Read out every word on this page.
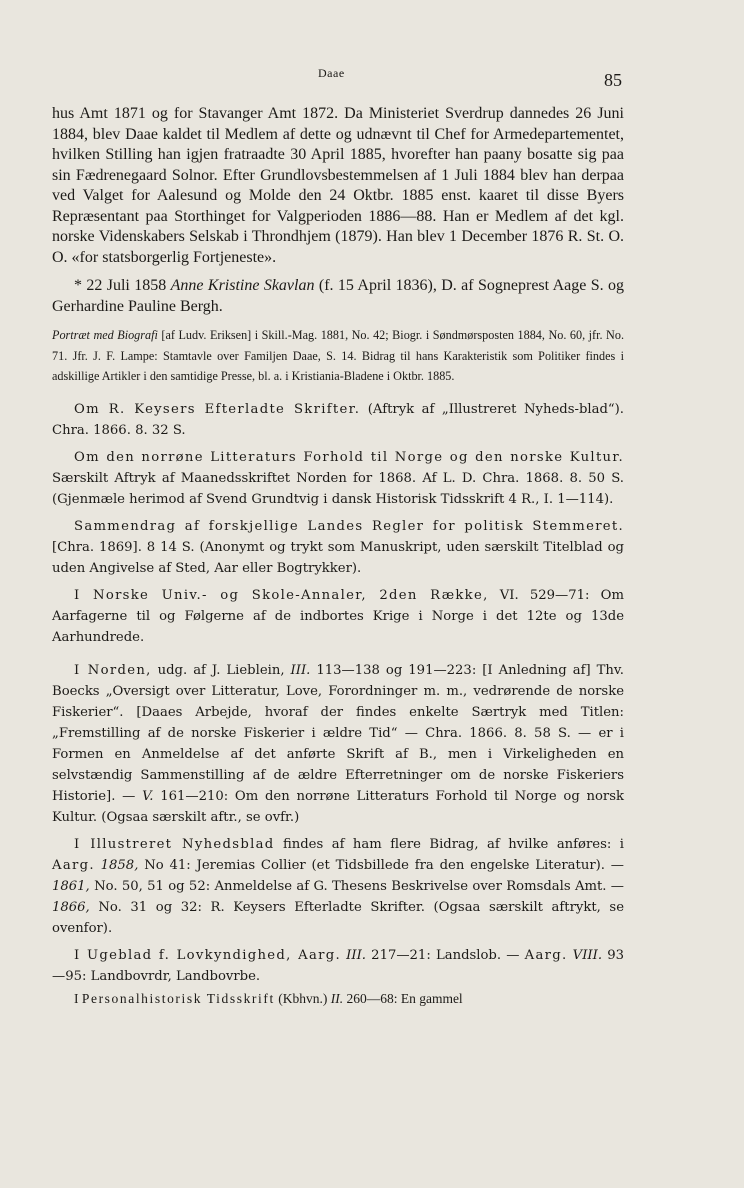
Daae	85

hus Amt 1871 og for Stavanger Amt 1872. Da Ministeriet Sverdrup dannedes 26 Juni 1884, blev Daae kaldet til Medlem af dette og udnævnt til Chef for Armedepartementet, hvilken Stilling han igjen fratraadte 30 April 1885, hvorefter han paany bosatte sig paa sin Fædrenegaard Solnor. Efter Grundlovsbestemmelsen af 1 Juli 1884 blev han derpaa ved Valget for Aalesund og Molde den 24 Oktbr. 1885 enst. kaaret til disse Byers Repræsentant paa Storthinget for Valgperioden 1886—88. Han er Medlem af det kgl. norske Videnskabers Selskab i Throndhjem (1879). Han blev 1 December 1876 R. St. O. O. «for statsborgerlig Fortjeneste».

* 22 Juli 1858 Anne Kristine Skavlan (f. 15 April 1836), D. af Sogneprest Aage S. og Gerhardine Pauline Bergh.

Portræt med Biografi [af Ludv. Eriksen] i Skill.-Mag. 1881, No. 42; Biogr. i Søndmørsposten 1884, No. 60, jfr. No. 71. Jfr. J. F. Lampe: Stamtavle over Familjen Daae, S. 14. Bidrag til hans Karakteristik som Politiker findes i adskillige Artikler i den samtidige Presse, bl. a. i Kristiania-Bladene i Oktbr. 1885.

Om R. Keysers Efterladte Skrifter. (Aftryk af „Illustreret Nyheds-blad“). Chra. 1866. 8. 32 S.

Om den norrøne Litteraturs Forhold til Norge og den norske Kultur. Særskilt Aftryk af Maanedsskriftet Norden for 1868. Af L. D. Chra. 1868. 8. 50 S. (Gjenmæle herimod af Svend Grundtvig i dansk Historisk Tidsskrift 4 R., I. 1—114).

Sammendrag af forskjellige Landes Regler for politisk Stemmeret. [Chra. 1869]. 8 14 S. (Anonymt og trykt som Manuskript, uden særskilt Titelblad og uden Angivelse af Sted, Aar eller Bogtrykker).

I Norske Univ.- og Skole-Annaler, 2den Række, VI. 529—71: Om Aarfagerne til og Følgerne af de indbortes Krige i Norge i det 12te og 13de Aarhundrede.

I Norden, udg. af J. Lieblein, III. 113—138 og 191—223: [I Anledning af] Thv. Boecks „Oversigt over Litteratur, Love, Forordninger m. m., vedrørende de norske Fiskerier“. [Daaes Arbejde, hvoraf der findes enkelte Særtryk med Titlen: „Fremstilling af de norske Fiskerier i ældre Tid“ — Chra. 1866. 8. 58 S. — er i Formen en Anmeldelse af det anførte Skrift af B., men i Virkeligheden en selvstændig Sammenstilling af de ældre Efterretninger om de norske Fiskeriers Historie]. — V. 161—210: Om den norrøne Litteraturs Forhold til Norge og norsk Kultur. (Ogsaa særskilt aftr., se ovfr.)

I Illustreret Nyhedsblad findes af ham flere Bidrag, af hvilke anføres: i Aarg. 1858, No 41: Jeremias Collier (et Tidsbillede fra den engelske Literatur). — 1861, No. 50, 51 og 52: Anmeldelse af G. Thesens Beskrivelse over Romsdals Amt. — 1866, No. 31 og 32: R. Keysers Efterladte Skrifter. (Ogsaa særskilt aftrykt, se ovenfor).

I Ugeblad f. Lovkyndighed, Aarg. III. 217—21: Landslob. — Aarg. VIII. 93—95: Landbovrdr, Landbovrbe.

I Personalhistorisk Tidsskrift (Kbhvn.) II. 260—68: En gammel
